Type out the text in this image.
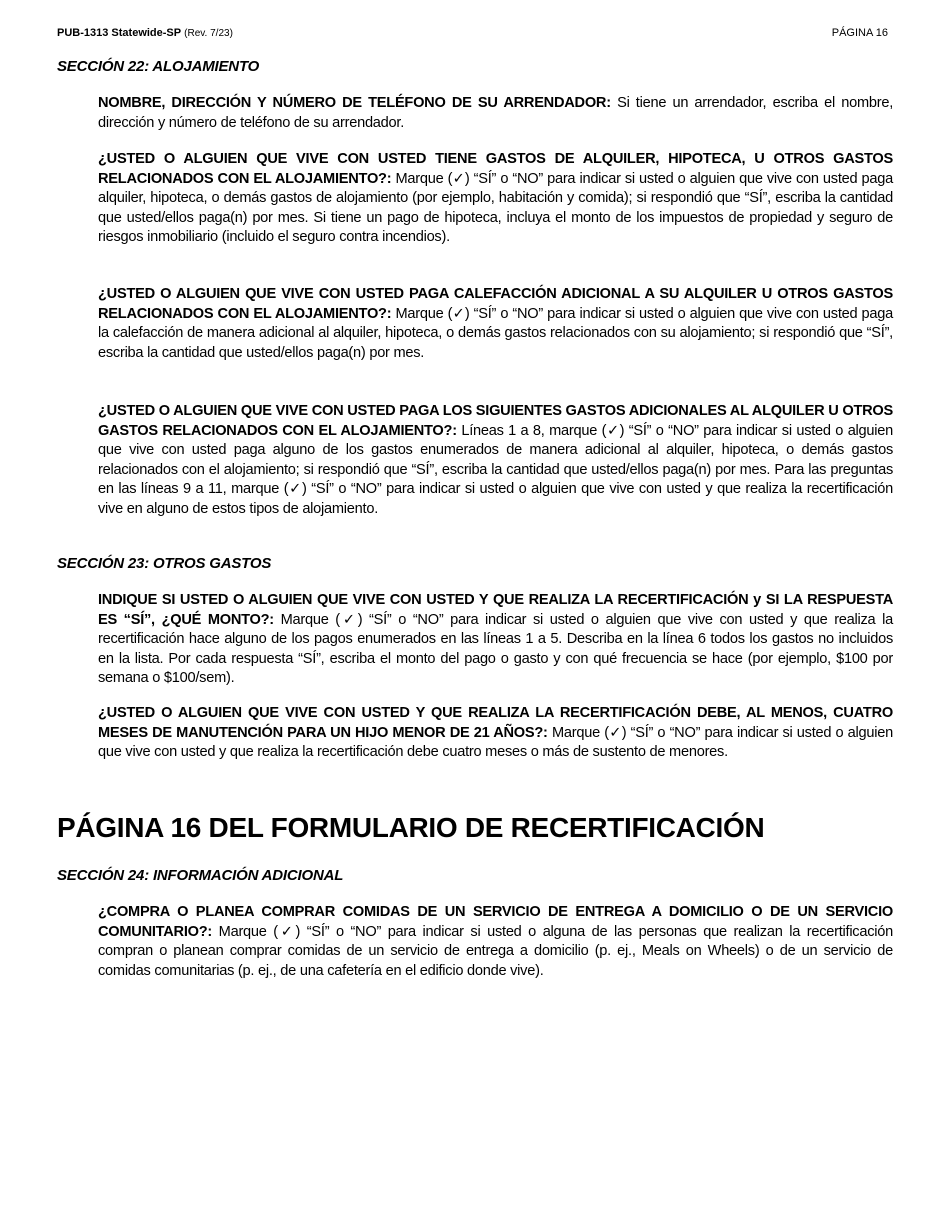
PUB-1313 Statewide-SP (Rev. 7/23)	PÁGINA 16
SECCIÓN 22: ALOJAMIENTO

NOMBRE, DIRECCIÓN Y NÚMERO DE TELÉFONO DE SU ARRENDADOR: Si tiene un arrendador, escriba el nombre, dirección y número de teléfono de su arrendador.

¿USTED O ALGUIEN QUE VIVE CON USTED TIENE GASTOS DE ALQUILER, HIPOTECA, U OTROS GASTOS RELACIONADOS CON EL ALOJAMIENTO?: Marque (✓) “SÍ” o “NO” para indicar si usted o alguien que vive con usted paga alquiler, hipoteca, o demás gastos de alojamiento (por ejemplo, habitación y comida); si respondió que “SÍ”, escriba la cantidad que usted/ellos paga(n) por mes. Si tiene un pago de hipoteca, incluya el monto de los impuestos de propiedad y seguro de riesgos inmobiliario (incluido el seguro contra incendios).

¿USTED O ALGUIEN QUE VIVE CON USTED PAGA CALEFACCIÓN ADICIONAL A SU ALQUILER U OTROS GASTOS RELACIONADOS CON EL ALOJAMIENTO?: Marque (✓) “SÍ” o “NO” para indicar si usted o alguien que vive con usted paga la calefacción de manera adicional al alquiler, hipoteca, o demás gastos relacionados con su alojamiento; si respondió que “SÍ”, escriba la cantidad que usted/ellos paga(n) por mes.

¿USTED O ALGUIEN QUE VIVE CON USTED PAGA LOS SIGUIENTES GASTOS ADICIONALES AL ALQUILER U OTROS GASTOS RELACIONADOS CON EL ALOJAMIENTO?: Líneas 1 a 8, marque (✓) “SÍ” o “NO” para indicar si usted o alguien que vive con usted paga alguno de los gastos enumerados de manera adicional al alquiler, hipoteca, o demás gastos relacionados con el alojamiento; si respondió que “SÍ”, escriba la cantidad que usted/ellos paga(n) por mes. Para las preguntas en las líneas 9 a 11, marque (✓) “SÍ” o “NO” para indicar si usted o alguien que vive con usted y que realiza la recertificación vive en alguno de estos tipos de alojamiento.

SECCIÓN 23: OTROS GASTOS

INDIQUE SI USTED O ALGUIEN QUE VIVE CON USTED Y QUE REALIZA LA RECERTIFICACIÓN y SI LA RESPUESTA ES “SÍ”, ¿QUÉ MONTO?: Marque (✓) “SÍ” o “NO” para indicar si usted o alguien que vive con usted y que realiza la recertificación hace alguno de los pagos enumerados en las líneas 1 a 5. Describa en la línea 6 todos los gastos no incluidos en la lista. Por cada respuesta “SÍ”, escriba el monto del pago o gasto y con qué frecuencia se hace (por ejemplo, $100 por semana o $100/sem).

¿USTED O ALGUIEN QUE VIVE CON USTED Y QUE REALIZA LA RECERTIFICACIÓN DEBE, AL MENOS, CUATRO MESES DE MANUTENCIÓN PARA UN HIJO MENOR DE 21 AÑOS?: Marque (✓) “SÍ” o “NO” para indicar si usted o alguien que vive con usted y que realiza la recertificación debe cuatro meses o más de sustento de menores.

PÁGINA 16 DEL FORMULARIO DE RECERTIFICACIÓN
SECCIÓN 24: INFORMACIÓN ADICIONAL

¿COMPRA O PLANEA COMPRAR COMIDAS DE UN SERVICIO DE ENTREGA A DOMICILIO O DE UN SERVICIO COMUNITARIO?: Marque (✓) “SÍ” o “NO” para indicar si usted o alguna de las personas que realizan la recertificación compran o planean comprar comidas de un servicio de entrega a domicilio (p. ej., Meals on Wheels) o de un servicio de comidas comunitarias (p. ej., de una cafetería en el edificio donde vive).
